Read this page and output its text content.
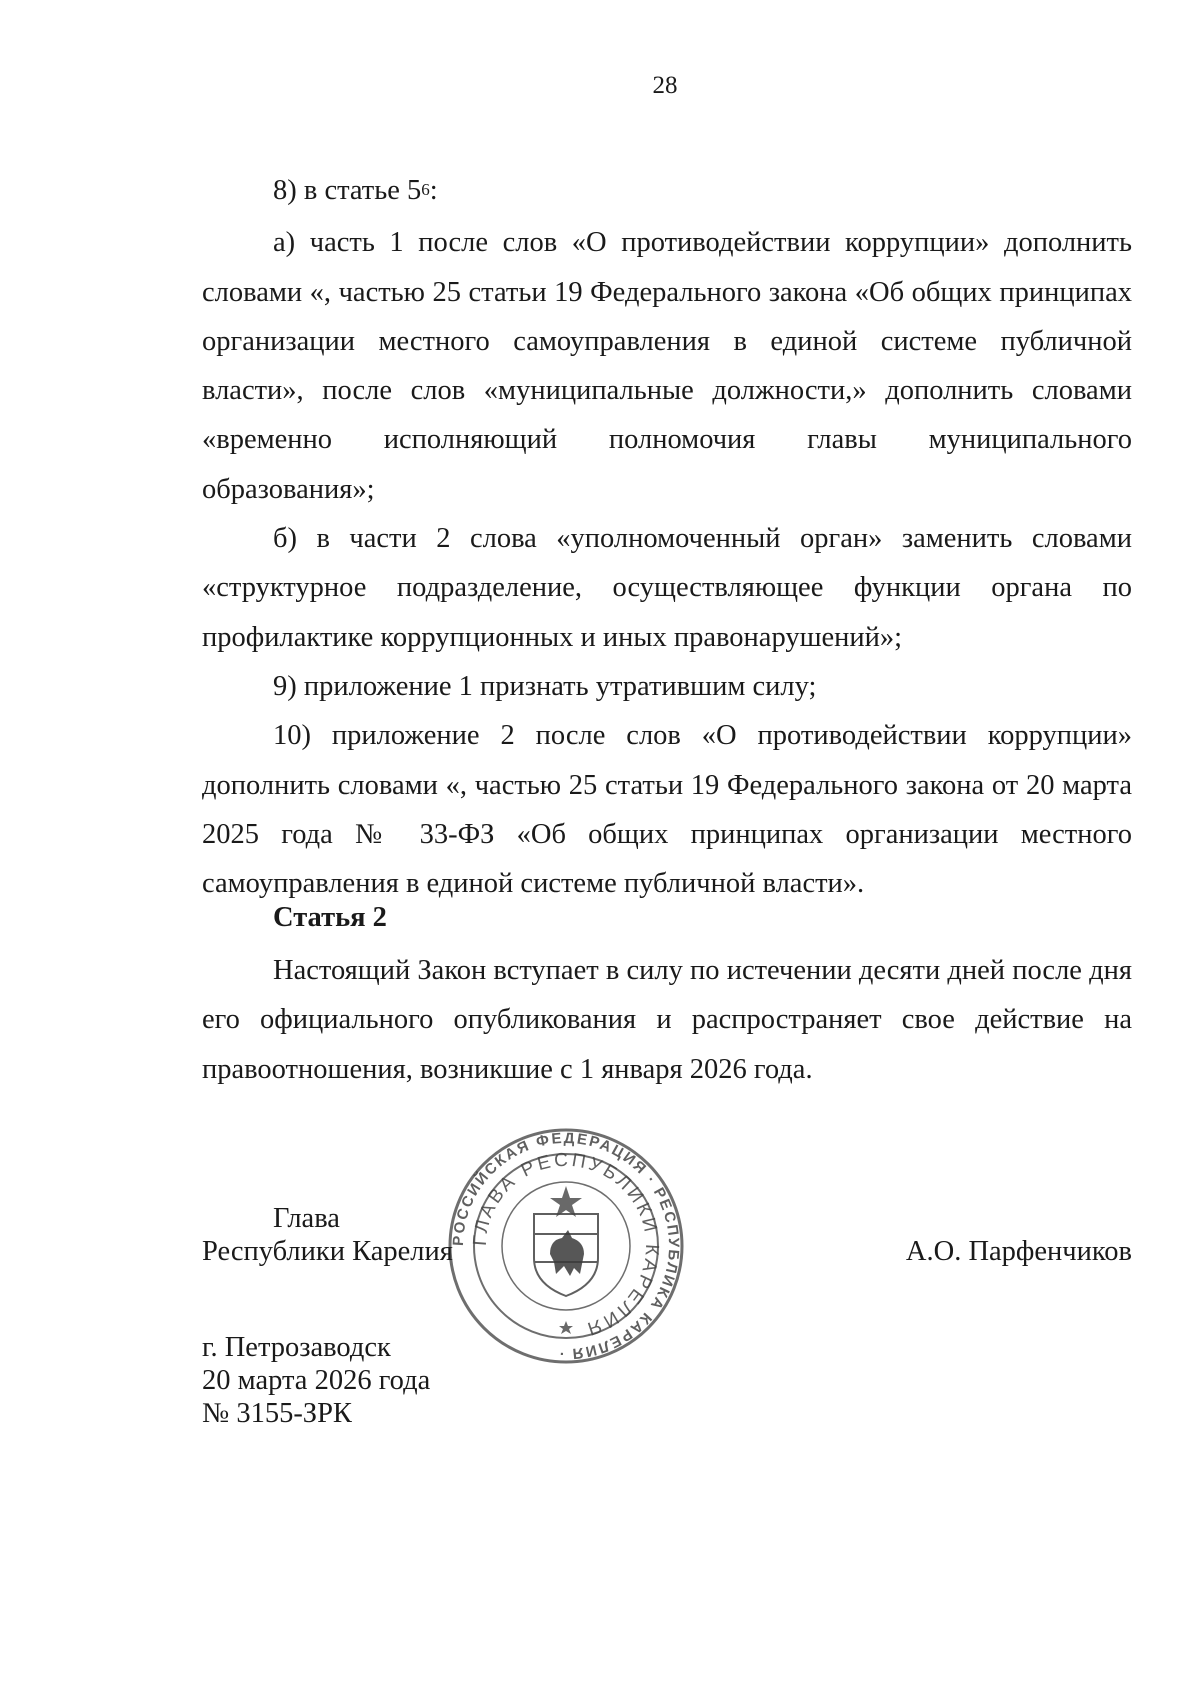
28

8) в статье $5^6$:

а) часть 1 после слов «О противодействии коррупции» дополнить словами «, частью 25 статьи 19 Федерального закона «Об общих принципах организации местного самоуправления в единой системе публичной власти», после слов «муниципальные должности,» дополнить словами «временно исполняющий полномочия главы муниципального образования»;

б) в части 2 слова «уполномоченный орган» заменить словами «структурное подразделение, осуществляющее функции органа по профилактике коррупционных и иных правонарушений»;

9) приложение 1 признать утратившим силу;

10) приложение 2 после слов «О противодействии коррупции» дополнить словами «, частью 25 статьи 19 Федерального закона от 20 марта 2025 года № 33-ФЗ «Об общих принципах организации местного самоуправления в единой системе публичной власти».

Статья 2

Настоящий Закон вступает в силу по истечении десяти дней после дня его официального опубликования и распространяет свое действие на правоотношения, возникшие с 1 января 2026 года.

РОССИЙСКАЯ ФЕДЕРАЦИЯ · РЕСПУБЛИКА КАРЕЛИЯ ·
ГЛАВА РЕСПУБЛИКИ КАРЕЛИЯ
Глава
Республики Карелия	А.О. Парфенчиков
г. Петрозаводск
20 марта 2026 года
№ 3155-ЗРК
